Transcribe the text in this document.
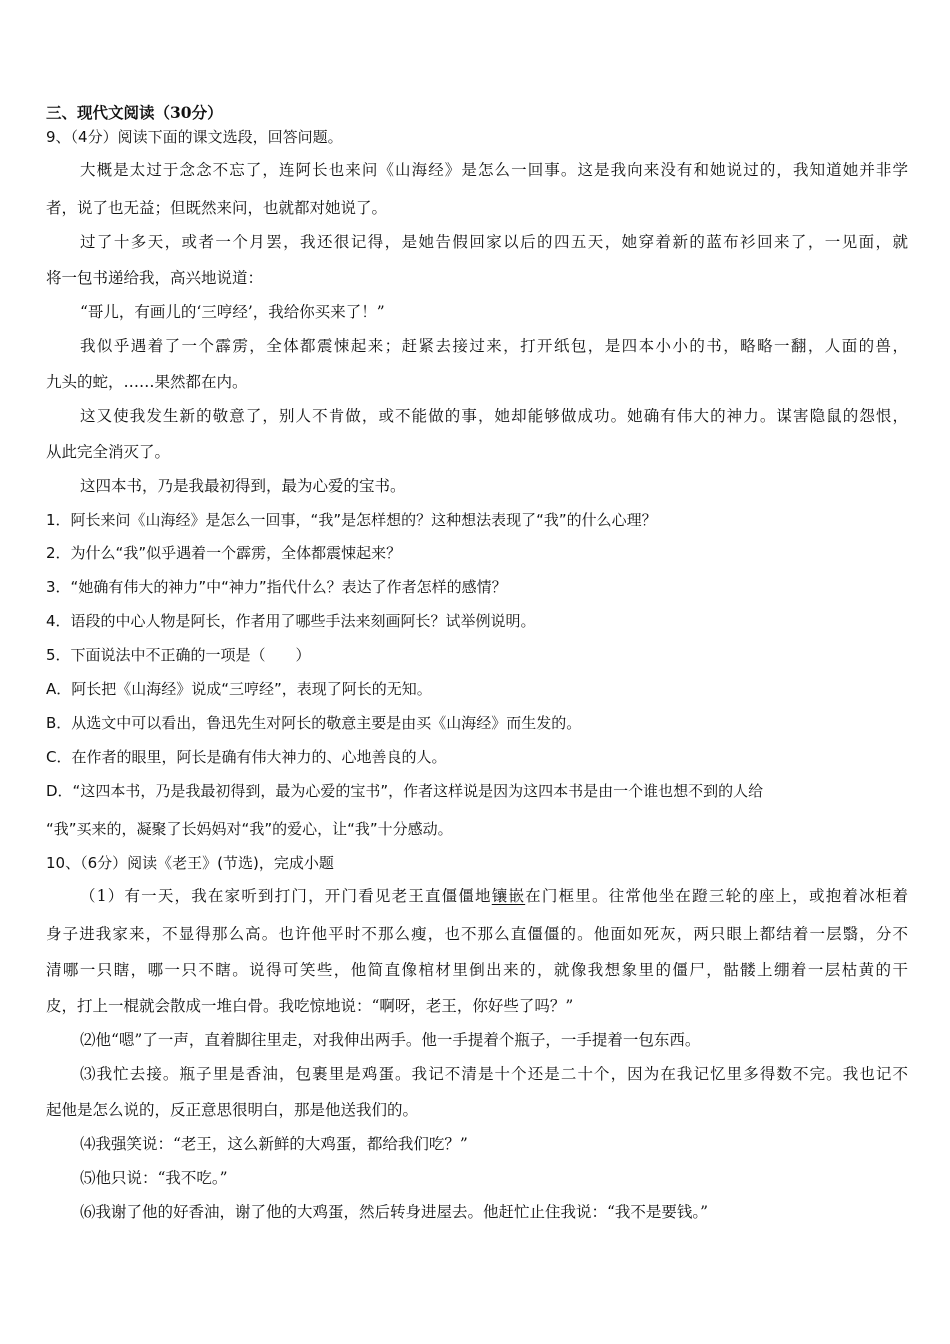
三、现代文阅读（30分）
9、（4分）阅读下面的课文选段，回答问题。
大概是太过于念念不忘了，连阿长也来问《山海经》是怎么一回事。这是我向来没有和她说过的，我知道她并非学
者，说了也无益；但既然来问，也就都对她说了。
过了十多天，或者一个月罢，我还很记得，是她告假回家以后的四五天，她穿着新的蓝布衫回来了，一见面，就
将一包书递给我，高兴地说道：
“哥儿，有画儿的‘三哼经’，我给你买来了！”
我似乎遇着了一个霹雳，全体都震悚起来；赶紧去接过来，打开纸包，是四本小小的书，略略一翻，人面的兽，
九头的蛇，……果然都在内。
这又使我发生新的敬意了，别人不肯做，或不能做的事，她却能够做成功。她确有伟大的神力。谋害隐鼠的怨恨，
从此完全消灭了。
这四本书，乃是我最初得到，最为心爱的宝书。
1．阿长来问《山海经》是怎么一回事，“我”是怎样想的？这种想法表现了“我”的什么心理？
2．为什么“我”似乎遇着一个霹雳，全体都震悚起来？
3．“她确有伟大的神力”中“神力”指代什么？表达了作者怎样的感情？
4．语段的中心人物是阿长，作者用了哪些手法来刻画阿长？试举例说明。
5．下面说法中不正确的一项是（　　）
A．阿长把《山海经》说成“三哼经”，表现了阿长的无知。
B．从选文中可以看出，鲁迅先生对阿长的敬意主要是由买《山海经》而生发的。
C．在作者的眼里，阿长是确有伟大神力的、心地善良的人。
D．“这四本书，乃是我最初得到，最为心爱的宝书”，作者这样说是因为这四本书是由一个谁也想不到的人给
“我”买来的，凝聚了长妈妈对“我”的爱心，让“我”十分感动。
10、（6分）阅读《老王》(节选)，完成小题
（1）有一天，我在家听到打门，开门看见老王直僵僵地镶嵌在门框里。往常他坐在蹬三轮的座上，或抱着冰柜着
身子进我家来，不显得那么高。也许他平时不那么瘦，也不那么直僵僵的。他面如死灰，两只眼上都结着一层翳，分不
清哪一只瞎，哪一只不瞎。说得可笑些，他简直像棺材里倒出来的，就像我想象里的僵尸，骷髅上绷着一层枯黄的干
皮，打上一棍就会散成一堆白骨。我吃惊地说：“啊呀，老王，你好些了吗？”
⑵他“嗯”了一声，直着脚往里走，对我伸出两手。他一手提着个瓶子，一手提着一包东西。
⑶我忙去接。瓶子里是香油，包裹里是鸡蛋。我记不清是十个还是二十个，因为在我记忆里多得数不完。我也记不
起他是怎么说的，反正意思很明白，那是他送我们的。
⑷我强笑说：“老王，这么新鲜的大鸡蛋，都给我们吃？”
⑸他只说：“我不吃。”
⑹我谢了他的好香油，谢了他的大鸡蛋，然后转身进屋去。他赶忙止住我说：“我不是要钱。”
